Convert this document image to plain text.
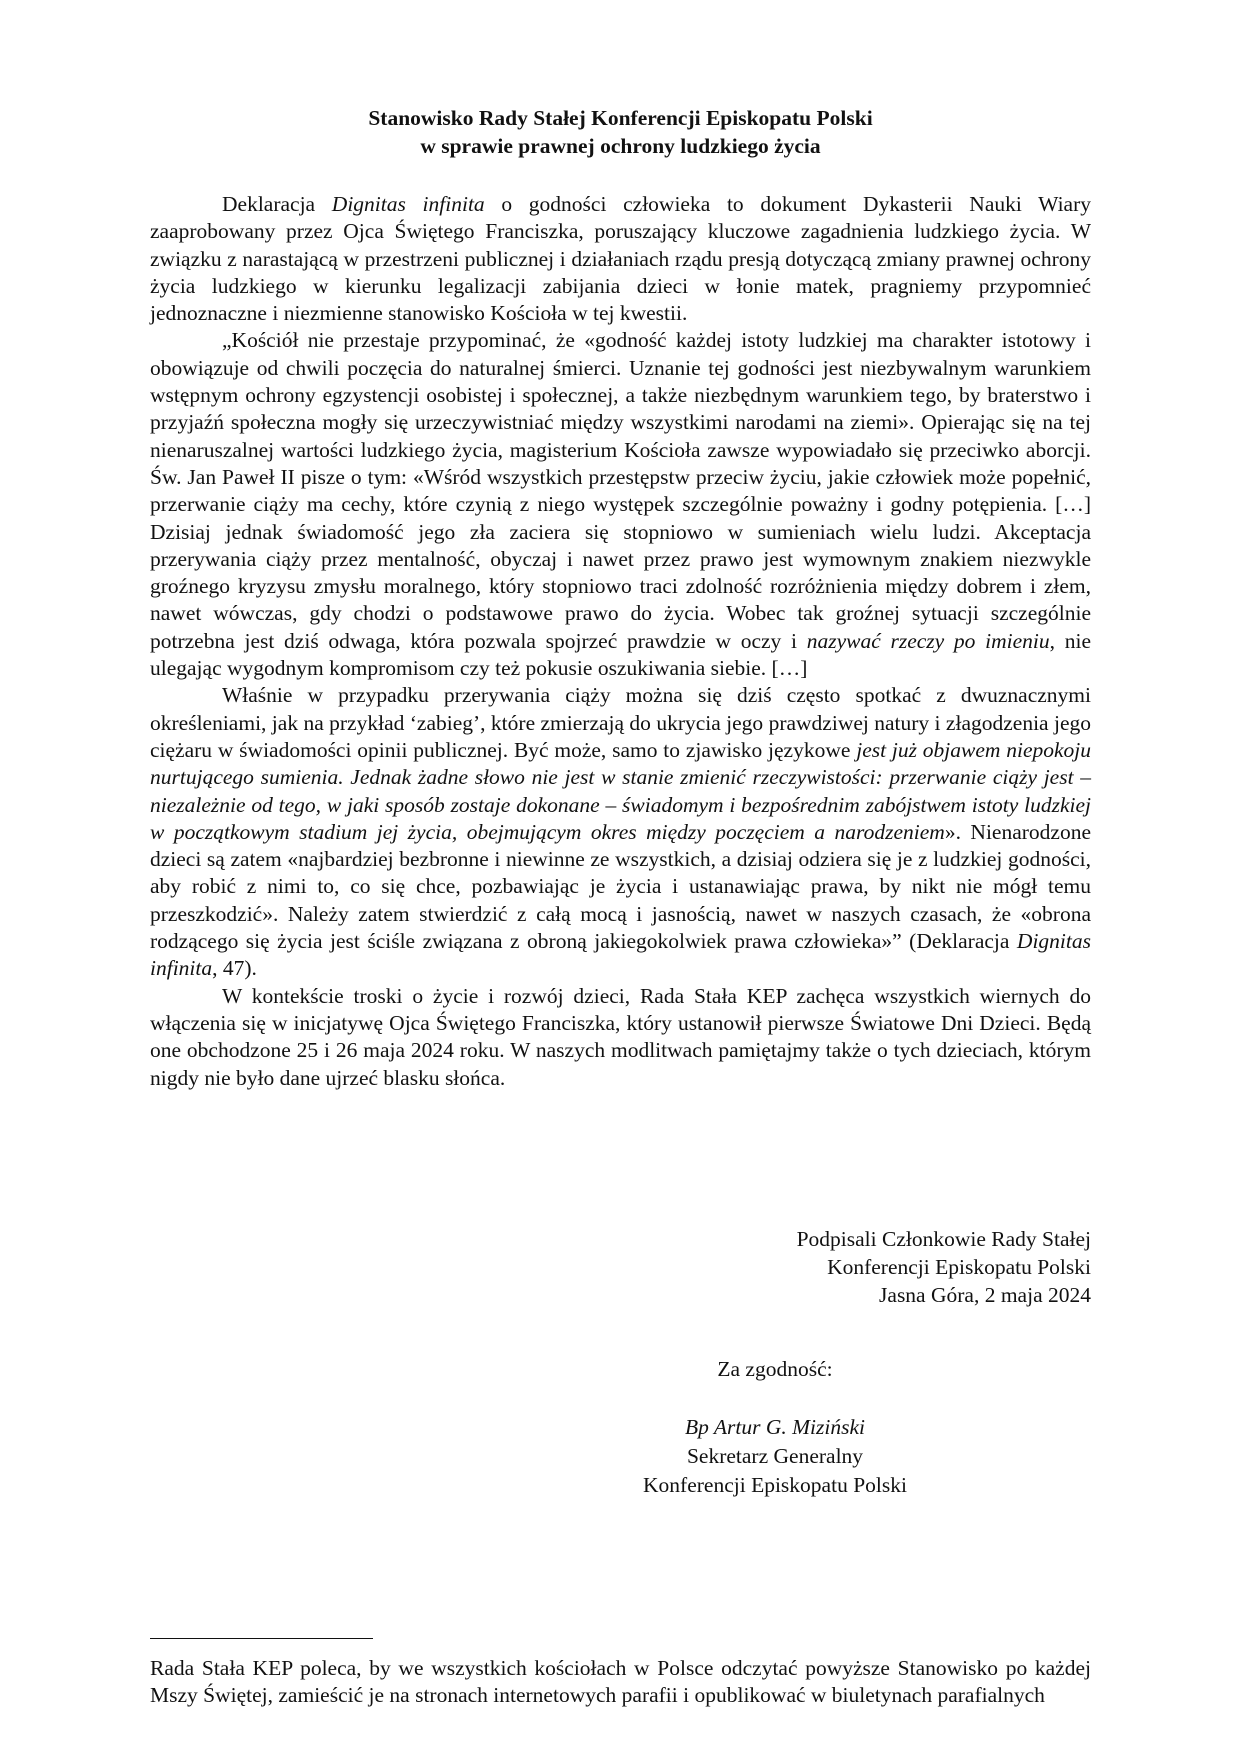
Stanowisko Rady Stałej Konferencji Episkopatu Polski
w sprawie prawnej ochrony ludzkiego życia

Deklaracja Dignitas infinita o godności człowieka to dokument Dykasterii Nauki Wiary zaaprobowany przez Ojca Świętego Franciszka, poruszający kluczowe zagadnienia ludzkiego życia. W związku z narastającą w przestrzeni publicznej i działaniach rządu presją dotyczącą zmiany prawnej ochrony życia ludzkiego w kierunku legalizacji zabijania dzieci w łonie matek, pragniemy przypomnieć jednoznaczne i niezmienne stanowisko Kościoła w tej kwestii.

„Kościół nie przestaje przypominać, że «godność każdej istoty ludzkiej ma charakter istotowy i obowiązuje od chwili poczęcia do naturalnej śmierci. Uznanie tej godności jest niezbywalnym warunkiem wstępnym ochrony egzystencji osobistej i społecznej, a także niezbędnym warunkiem tego, by braterstwo i przyjaźń społeczna mogły się urzeczywistniać między wszystkimi narodami na ziemi». Opierając się na tej nienaruszalnej wartości ludzkiego życia, magisterium Kościoła zawsze wypowiadało się przeciwko aborcji. Św. Jan Paweł II pisze o tym: «Wśród wszystkich przestępstw przeciw życiu, jakie człowiek może popełnić, przerwanie ciąży ma cechy, które czynią z niego występek szczególnie poważny i godny potępienia. […] Dzisiaj jednak świadomość jego zła zaciera się stopniowo w sumieniach wielu ludzi. Akceptacja przerywania ciąży przez mentalność, obyczaj i nawet przez prawo jest wymownym znakiem niezwykle groźnego kryzysu zmysłu moralnego, który stopniowo traci zdolność rozróżnienia między dobrem i złem, nawet wówczas, gdy chodzi o podstawowe prawo do życia. Wobec tak groźnej sytuacji szczególnie potrzebna jest dziś odwaga, która pozwala spojrzeć prawdzie w oczy i nazywać rzeczy po imieniu, nie ulegając wygodnym kompromisom czy też pokusie oszukiwania siebie. […]

Właśnie w przypadku przerywania ciąży można się dziś często spotkać z dwuznacznymi określeniami, jak na przykład ‘zabieg’, które zmierzają do ukrycia jego prawdziwej natury i złagodzenia jego ciężaru w świadomości opinii publicznej. Być może, samo to zjawisko językowe jest już objawem niepokoju nurtującego sumienia. Jednak żadne słowo nie jest w stanie zmienić rzeczywistości: przerwanie ciąży jest – niezależnie od tego, w jaki sposób zostaje dokonane – świadomym i bezpośrednim zabójstwem istoty ludzkiej w początkowym stadium jej życia, obejmującym okres między poczęciem a narodzeniem». Nienarodzone dzieci są zatem «najbardziej bezbronne i niewinne ze wszystkich, a dzisiaj odziera się je z ludzkiej godności, aby robić z nimi to, co się chce, pozbawiając je życia i ustanawiając prawa, by nikt nie mógł temu przeszkodzić». Należy zatem stwierdzić z całą mocą i jasnością, nawet w naszych czasach, że «obrona rodzącego się życia jest ściśle związana z obroną jakiegokolwiek prawa człowieka»” (Deklaracja Dignitas infinita, 47).

W kontekście troski o życie i rozwój dzieci, Rada Stała KEP zachęca wszystkich wiernych do włączenia się w inicjatywę Ojca Świętego Franciszka, który ustanowił pierwsze Światowe Dni Dzieci. Będą one obchodzone 25 i 26 maja 2024 roku. W naszych modlitwach pamiętajmy także o tych dzieciach, którym nigdy nie było dane ujrzeć blasku słońca.

Podpisali Członkowie Rady Stałej
Konferencji Episkopatu Polski
Jasna Góra, 2 maja 2024
Za zgodność:
Bp Artur G. Miziński
Sekretarz Generalny
Konferencji Episkopatu Polski
Rada Stała KEP poleca, by we wszystkich kościołach w Polsce odczytać powyższe Stanowisko po każdej Mszy Świętej, zamieścić je na stronach internetowych parafii i opublikować w biuletynach parafialnych
